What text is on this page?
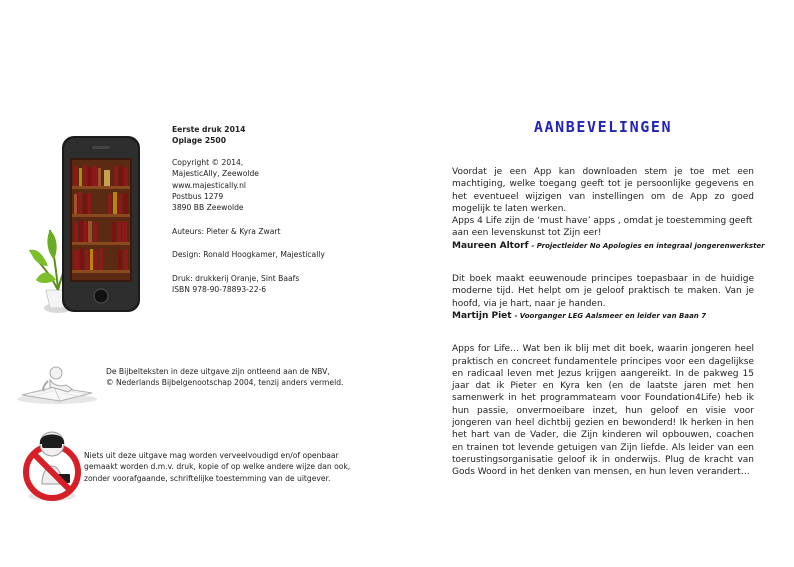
Eerste druk 2014
Oplage 2500
Copyright © 2014,
MajesticAlly, Zeewolde
www.majestically.nl
Postbus 1279
3890 BB Zeewolde
Auteurs: Pieter & Kyra Zwart
Design: Ronald Hoogkamer, Majestically
Druk: drukkerij Oranje, Sint Baafs
ISBN 978-90-78893-22-6
De Bijbelteksten in deze uitgave zijn ontleend aan de NBV,
© Nederlands Bijbelgenootschap 2004, tenzij anders vermeld.
Niets uit deze uitgave mag worden verveelvoudigd en/of openbaar
gemaakt worden d.m.v. druk, kopie of op welke andere wijze dan ook,
zonder voorafgaande, schriftelijke toestemming van de uitgever.
AANBEVELINGEN

Voordat je een App kan downloaden stem je toe met een machtiging, welke toegang geeft tot je persoonlijke gegevens en het eventueel wijzigen van instellingen om de App zo goed mogelijk te laten werken.

Apps 4 Life zijn de ‘must have’ apps , omdat je toestemming geeft aan een levenskunst tot Zijn eer!

Maureen Altorf - Projectleider No Apologies en integraal jongerenwerkster

Dit boek maakt eeuwenoude principes toepasbaar in de huidige moderne tijd. Het helpt om je geloof praktisch te maken. Van je hoofd, via je hart, naar je handen.

Martijn Piet - Voorganger LEG Aalsmeer en leider van Baan 7

Apps for Life… Wat ben ik blij met dit boek, waarin jongeren heel praktisch en concreet fundamentele principes voor een dagelijkse en radicaal leven met Jezus krijgen aangereikt. In de pakweg 15 jaar dat ik Pieter en Kyra ken (en de laatste jaren met hen samenwerk in het programmateam voor Foundation4Life) heb ik hun passie, onvermoeibare inzet, hun geloof en visie voor jongeren van heel dichtbij gezien en bewonderd! Ik herken in hen het hart van de Vader, die Zijn kinderen wil opbouwen, coachen en trainen tot levende getuigen van Zijn liefde. Als leider van een toerustingsorganisatie geloof ik in onderwijs. Plug de kracht van Gods Woord in het denken van mensen, en hun leven verandert…
